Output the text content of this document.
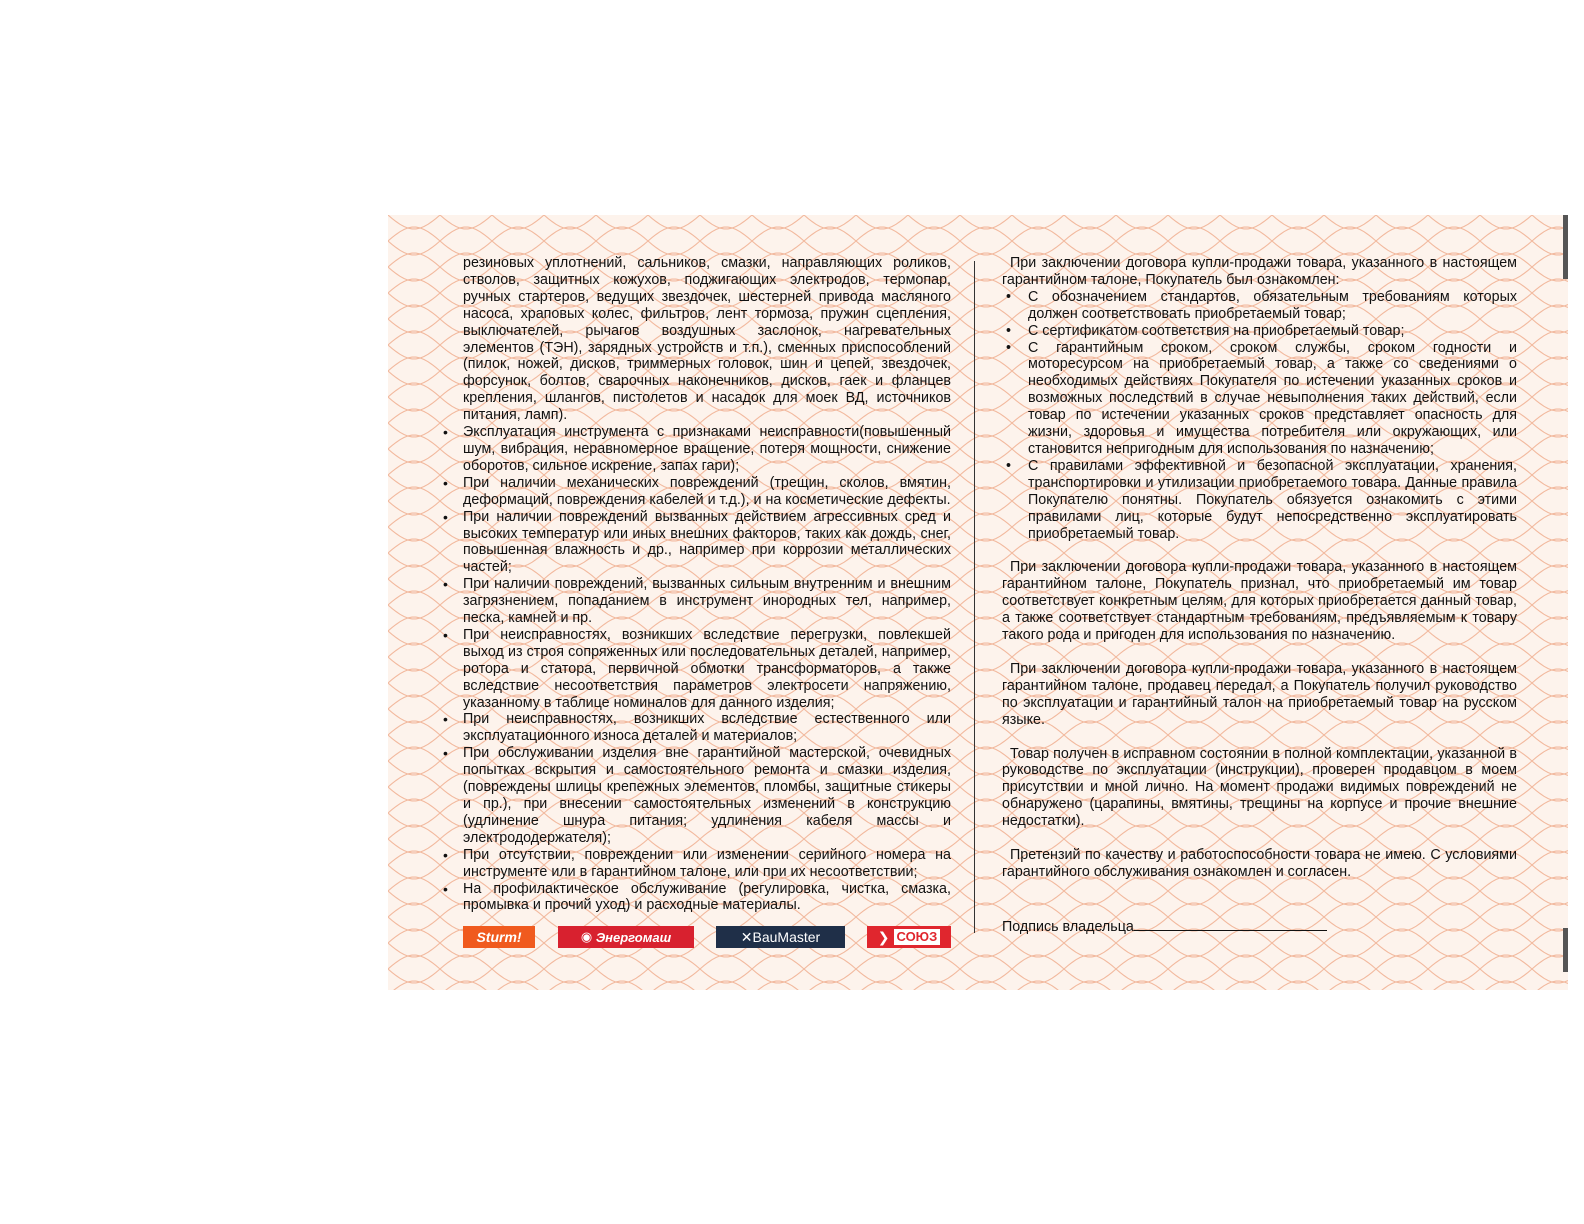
резиновых уплотнений, сальников, смазки, направляющих роликов, стволов, защитных кожухов, поджигающих электродов, термопар, ручных стартеров, ведущих звездочек, шестерней привода масляного насоса, храповых колес, фильтров, лент тормоза, пружин сцепления, выключателей, рычагов воздушных заслонок, нагревательных элементов (ТЭН), зарядных устройств и т.п.), сменных приспособлений (пилок, ножей, дисков, триммерных головок, шин и цепей, звездочек, форсунок, болтов, сварочных наконечников, дисков, гаек и фланцев крепления, шлангов, пистолетов и насадок для моек ВД, источников питания, ламп).

• Эксплуатация инструмента с признаками неисправности(повышенный шум, вибрация, неравномерное вращение, потеря мощности, снижение оборотов, сильное искрение, запах гари);
• При наличии механических повреждений (трещин, сколов, вмятин, деформаций, повреждения кабелей и т.д.), и на косметические дефекты.
• При наличии повреждений вызванных действием агрессивных сред и высоких температур или иных внешних факторов, таких как дождь, снег, повышенная влажность и др., например при коррозии металлических частей;
• При наличии повреждений, вызванных сильным внутренним и внешним загрязнением, попаданием в инструмент инородных тел, например, песка, камней и пр.
• При неисправностях, возникших вследствие перегрузки, повлекшей выход из строя сопряженных или последовательных деталей, например, ротора и статора, первичной обмотки трансформаторов, а также вследствие несоответствия параметров электросети напряжению, указанному в таблице номиналов для данного изделия;
• При неисправностях, возникших вследствие естественного или эксплуатационного износа деталей и материалов;
• При обслуживании изделия вне гарантийной мастерской, очевидных попытках вскрытия и самостоятельного ремонта и смазки изделия,(повреждены шлицы крепежных элементов, пломбы, защитные стикеры и пр.), при внесении самостоятельных изменений в конструкцию (удлинение шнура питания; удлинения кабеля массы и электрододержателя);
• При отсутствии, повреждении или изменении серийного номера на инструменте или в гарантийном талоне, или при их несоответствии;
• На профилактическое обслуживание (регулировка, чистка, смазка, промывка и прочий уход) и расходные материалы.
Sturm!	◉ Энергомаш	✕ BauMaster	❯ СОЮЗ

При заключении договора купли-продажи товара, указанного в настоящем гарантийном талоне, Покупатель был ознакомлен:

• С обозначением стандартов, обязательным требованиям которых должен соответствовать приобретаемый товар;
• С сертификатом соответствия на приобретаемый товар;
• С гарантийным сроком, сроком службы, сроком годности и моторесурсом на приобретаемый товар, а также со сведениями о необходимых действиях Покупателя по истечении указанных сроков и возможных последствий в случае невыполнения таких действий, если товар по истечении указанных сроков представляет опасность для жизни, здоровья и имущества потребителя или окружающих, или становится непригодным для использования по назначению;
• С правилами эффективной и безопасной эксплуатации, хранения, транспортировки и утилизации приобретаемого товара. Данные правила Покупателю понятны. Покупатель обязуется ознакомить с этими правилами лиц, которые будут непосредственно эксплуатировать приобретаемый товар.

При заключении договора купли-продажи товара, указанного в настоящем гарантийном талоне, Покупатель признал, что приобретаемый им товар соответствует конкретным целям, для которых приобретается данный товар, а также соответствует стандартным требованиям, предъявляемым к товару такого рода и пригоден для использования по назначению.

При заключении договора купли-продажи товара, указанного в настоящем гарантийном талоне, продавец передал, а Покупатель получил руководство по эксплуатации и гарантийный талон на приобретаемый товар на русском языке.

Товар получен в исправном состоянии в полной комплектации, указанной в руководстве по эксплуатации (инструкции), проверен продавцом в моем присутствии и мной лично. На момент продажи видимых повреждений не обнаружено (царапины, вмятины, трещины на корпусе и прочие внешние недостатки).

Претензий по качеству и работоспособности товара не имею. С условиями гарантийного обслуживания ознакомлен и согласен.

Подпись владельца
